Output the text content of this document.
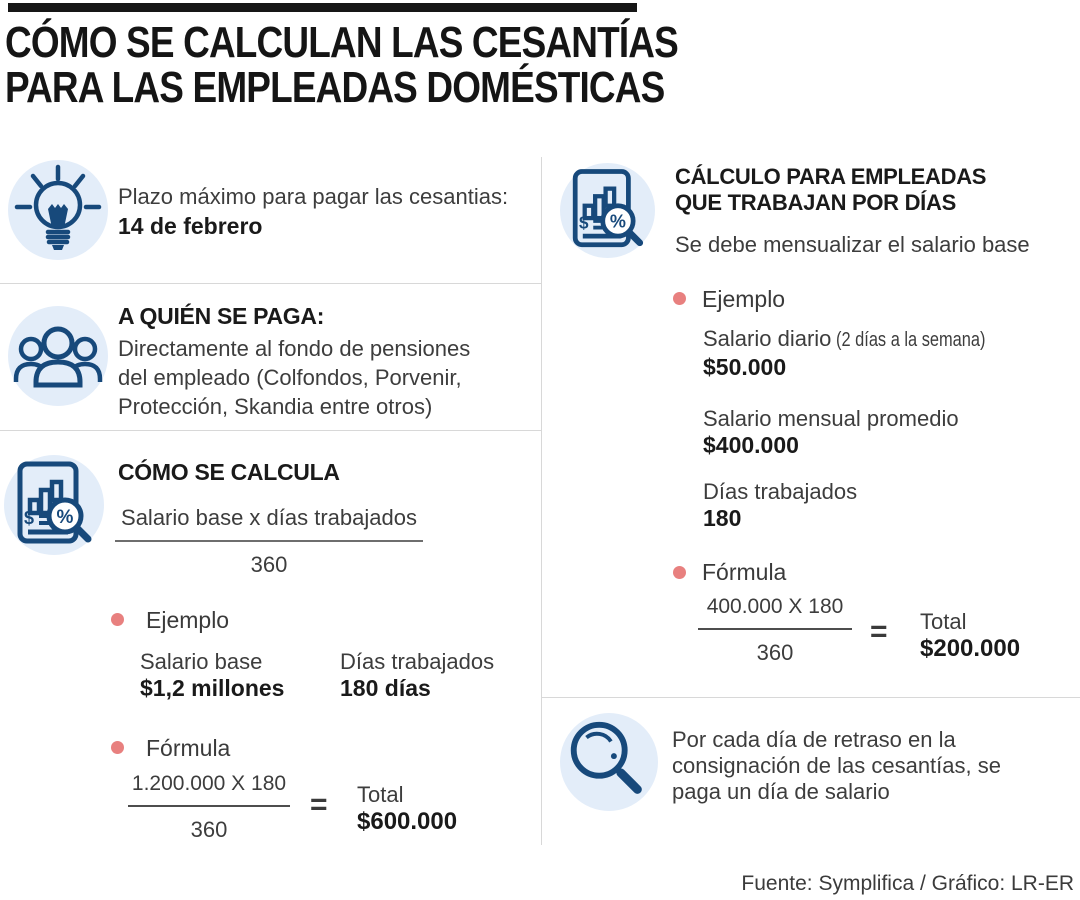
CÓMO SE CALCULAN LAS CESANTÍAS
PARA LAS EMPLEADAS DOMÉSTICAS
Plazo máximo para pagar las cesantias:
14 de febrero
A QUIÉN SE PAGA:
Directamente al fondo de pensiones del empleado (Colfondos, Porvenir, Protección, Skandia entre otros)
$ %
CÓMO SE CALCULA
Salario base x días trabajados
360
Ejemplo
Salario base
$1,2 millones
Días trabajados
180 días
Fórmula
$\frac{1.200.000 X 180}{360}$ = Total
$600.000
$ %
CÁLCULO PARA EMPLEADAS
QUE TRABAJAN POR DÍAS
Se debe mensualizar el salario base
Ejemplo
Salario diario (2 días a la semana)
$50.000
Salario mensual promedio
$400.000
Días trabajados
180
Fórmula
$\frac{400.000 X 180}{360}$ = Total
$200.000
Por cada día de retraso en la consignación de las cesantías, se paga un día de salario
Fuente: Symplifica / Gráfico: LR-ER
